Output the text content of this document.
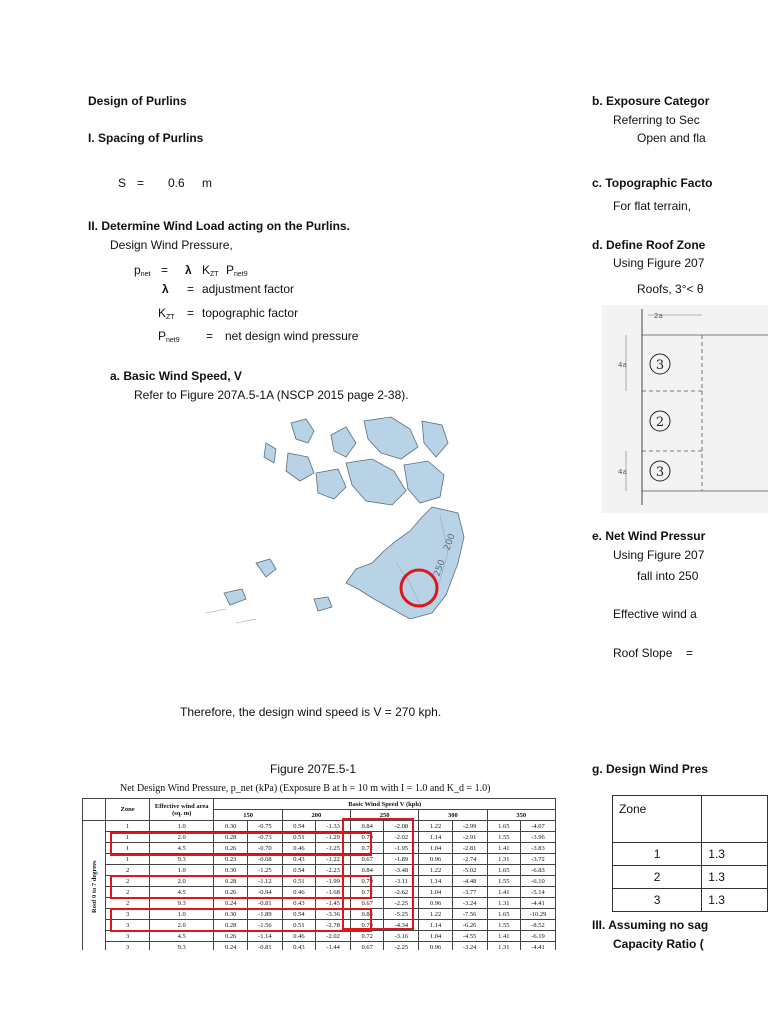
Design of Purlins
I. Spacing of Purlins
S = 0.6 m
II. Determine Wind Load acting on the Purlins.
Design Wind Pressure,
$p_{net} = \lambda$ $K_{ZT}$ $P_{net9}$
λ = adjustment factor
$K_{ZT}$ = topographic factor
$P_{net9}$ = net design wind pressure
a. Basic Wind Speed, V
Refer to Figure 207A.5-1A (NSCP 2015 page 2-38).
200
250
Therefore, the design wind speed is V = 270 kph.
Figure 207E.5-1
Net Design Wind Pressure, p_net (kPa) (Exposure B at h = 10 m with I = 1.0 and K_d = 1.0)
	Zone	Effective wind area (sq. m)	Basic Wind Speed V (kph)									
			150		200		250		300		350	
Roof 0 to 7 degrees	1	1.0	0.30	-0.75	0.54	-1.33	0.84	-2.08	1.22	-2.99	1.65	-4.07
	1	2.0	0.28	-0.73	0.51	-1.29	0.79	-2.02	1.14	-2.91	1.55	-3.96
	1	4.5	0.26	-0.70	0.46	-1.25	0.72	-1.95	1.04	-2.81	1.41	-3.83
	1	9.3	0.23	-0.68	0.43	-1.22	0.67	-1.89	0.96	-2.74	1.31	-3.72
	2	1.0	0.30	-1.25	0.54	-2.23	0.84	-3.48	1.22	-5.02	1.65	-6.83
	2	2.0	0.28	-1.12	0.51	-1.99	0.79	-3.11	1.14	-4.48	1.55	-6.10
	2	4.5	0.26	-0.94	0.46	-1.68	0.72	-2.62	1.04	-3.77	1.41	-5.14
	2	9.3	0.24	-0.81	0.43	-1.45	0.67	-2.25	0.96	-3.24	1.31	-4.41
	3	1.0	0.30	-1.89	0.54	-3.36	0.84	-5.25	1.22	-7.56	1.65	-10.29
	3	2.0	0.28	-1.56	0.51	-2.78	0.79	-4.34	1.14	-6.26	1.55	-8.52
	3	4.5	0.26	-1.14	0.46	-2.02	0.72	-3.16	1.04	-4.55	1.41	-6.19
	3	9.3	0.24	-0.81	0.43	-1.44	0.67	-2.25	0.96	-3.24	1.31	-4.41
b. Exposure Categor
Referring to Sec
Open and fla
c. Topographic Facto
For flat terrain,
d. Define Roof Zone
Using Figure 207
Roofs, 3°< θ
2a
4a
4a
3
2
3
e. Net Wind Pressur
Using Figure 207
fall into 250
Effective wind a
Roof Slope =
g. Design Wind Pres
Zone	
1	1.3
2	1.3
3	1.3
III. Assuming no sag
Capacity Ratio (
